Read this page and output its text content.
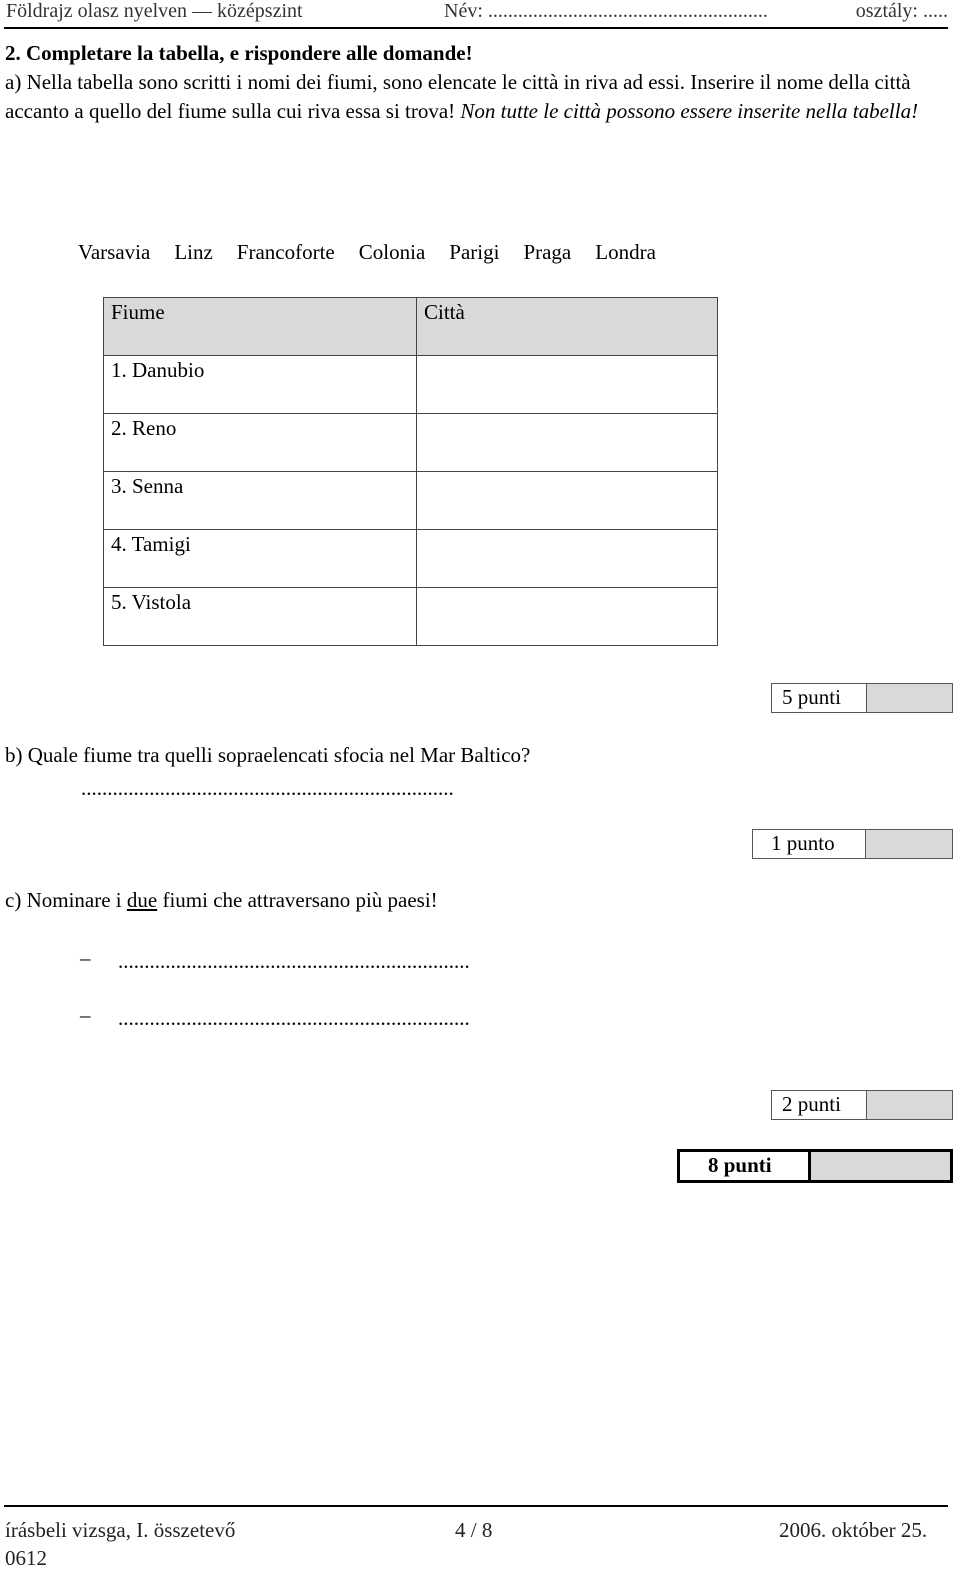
Földrajz olasz nyelven — középszint	Név: ........................................................	osztály: .....
2. Completare la tabella, e rispondere alle domande!
a) Nella tabella sono scritti i nomi dei fiumi, sono elencate le città in riva ad essi. Inserire il nome della città accanto a quello del fiume sulla cui riva essa si trova! Non tutte le città possono essere inserite nella tabella!
Varsavia Linz Francoforte Colonia Parigi Praga Londra
Fiume	Città
1. Danubio	
2. Reno	
3. Senna	
4. Tamigi	
5. Vistola	
5 punti
b) Quale fiume tra quelli sopraelencati sfocia nel Mar Baltico?
.......................................................................
1 punto
c) Nominare i due fiumi che attraversano più paesi!
– ...................................................................
– ...................................................................
2 punti
8 punti
írásbeli vizsga, I. összetevő	4 / 8	2006. október 25.
0612
